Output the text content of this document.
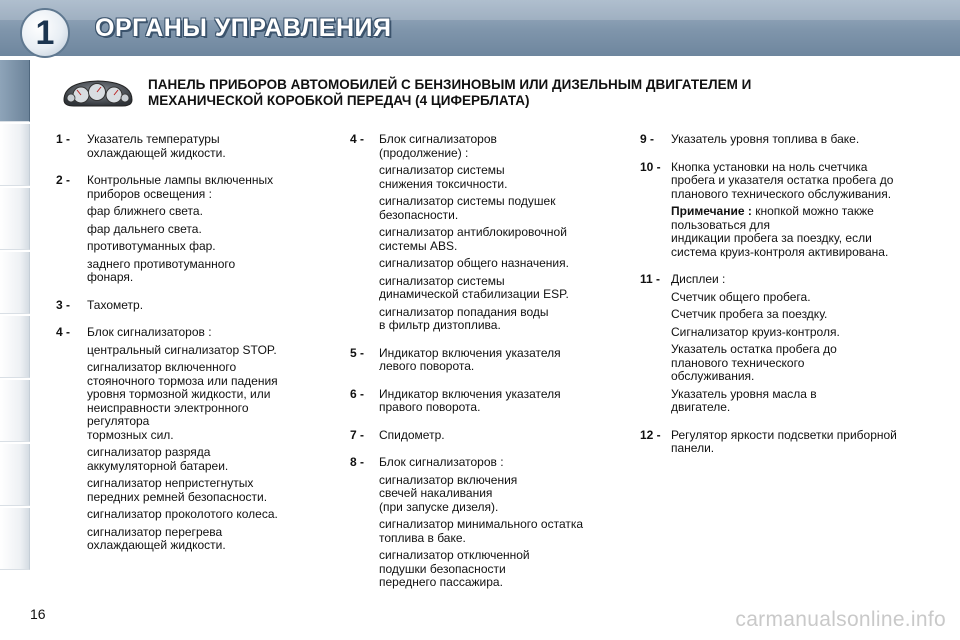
1 ОРГАНЫ УПРАВЛЕНИЯ
ПАНЕЛЬ ПРИБОРОВ АВТОМОБИЛЕЙ С БЕНЗИНОВЫМ ИЛИ ДИЗЕЛЬНЫМ ДВИГАТЕЛЕМ И
МЕХАНИЧЕСКОЙ КОРОБКОЙ ПЕРЕДАЧ (4 ЦИФЕРБЛАТА)
1 - Указатель температуры
охлаждающей жидкости.
2 - Контрольные лампы включенных
приборов освещения :
фар ближнего света.
фар дальнего света.
противотуманных фар.
заднего противотуманного
фонаря.
3 - Тахометр.
4 - Блок сигнализаторов :
центральный сигнализатор STOP.
сигнализатор включенного
стояночного тормоза или падения
уровня тормозной жидкости, или
неисправности электронного
регулятора
тормозных сил.
сигнализатор разряда
аккумуляторной батареи.
сигнализатор непристегнутых
передних ремней безопасности.
сигнализатор проколотого колеса.
сигнализатор перегрева
охлаждающей жидкости.
4 - Блок сигнализаторов
(продолжение) :
сигнализатор системы
снижения токсичности.
сигнализатор системы подушек
безопасности.
сигнализатор антиблокировочной
системы ABS.
сигнализатор общего назначения.
сигнализатор системы
динамической стабилизации ESP.
сигнализатор попадания воды
в фильтр дизтоплива.
5 - Индикатор включения указателя
левого поворота.
6 - Индикатор включения указателя
правого поворота.
7 - Спидометр.
8 - Блок сигнализаторов :
сигнализатор включения
свечей накаливания
(при запуске дизеля).
сигнализатор минимального остатка
топлива в баке.
сигнализатор отключенной
подушки безопасности
переднего пассажира.
9 - Указатель уровня топлива в баке.
10 - Кнопка установки на ноль счетчика
пробега и указателя остатка пробега до
планового технического обслуживания.
Примечание : кнопкой можно также
пользоваться для
индикации пробега за поездку, если
система круиз-контроля активирована.
11 - Дисплеи :
Счетчик общего пробега.
Счетчик пробега за поездку.
Сигнализатор круиз-контроля.
Указатель остатка пробега до
планового технического
обслуживания.
Указатель уровня масла в
двигателе.
12 - Регулятор яркости подсветки приборной
панели.
16	carmanualsonline.info
